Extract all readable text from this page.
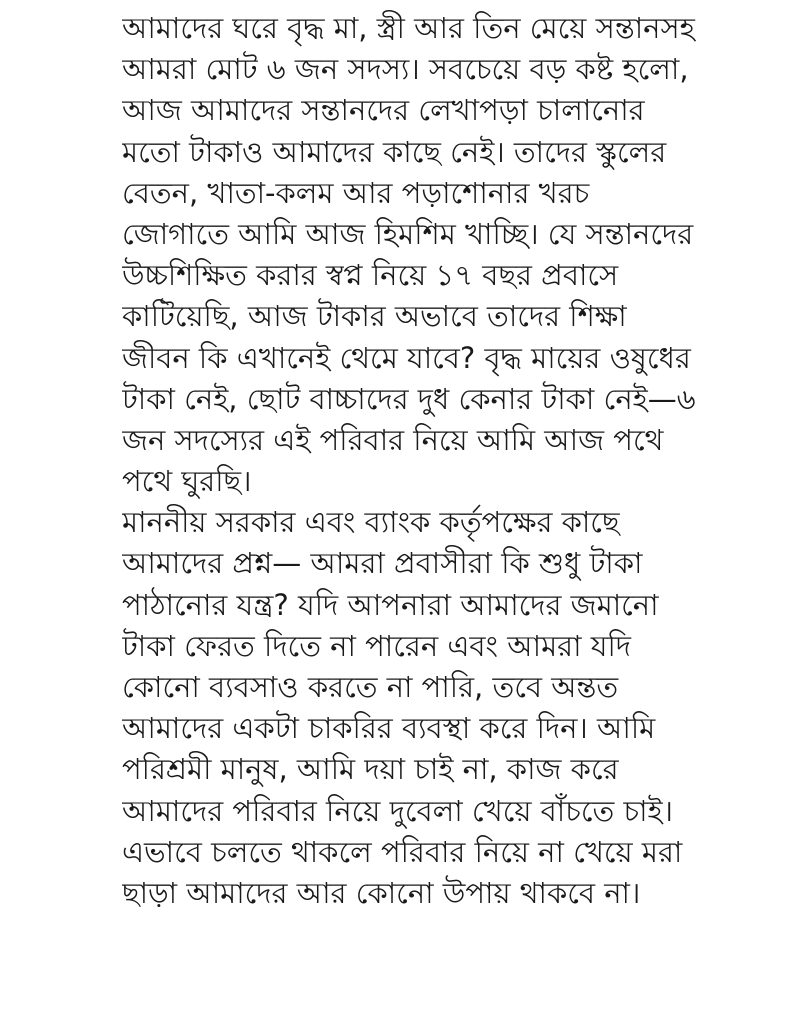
আমাদের ঘরে বৃদ্ধ মা, স্ত্রী আর তিন মেয়ে সন্তানসহ
আমরা মোট ৬ জন সদস্য। সবচেয়ে বড় কষ্ট হলো,
আজ আমাদের সন্তানদের লেখাপড়া চালানোর
মতো টাকাও আমাদের কাছে নেই। তাদের স্কুলের
বেতন, খাতা-কলম আর পড়াশোনার খরচ
জোগাতে আমি আজ হিমশিম খাচ্ছি। যে সন্তানদের
উচ্চশিক্ষিত করার স্বপ্ন নিয়ে ১৭ বছর প্রবাসে
কাটিয়েছি, আজ টাকার অভাবে তাদের শিক্ষা
জীবন কি এখানেই থেমে যাবে? বৃদ্ধ মায়ের ওষুধের
টাকা নেই, ছোট বাচ্চাদের দুধ কেনার টাকা নেই—৬
জন সদস্যের এই পরিবার নিয়ে আমি আজ পথে
পথে ঘুরছি।

মাননীয় সরকার এবং ব্যাংক কর্তৃপক্ষের কাছে
আমাদের প্রশ্ন— আমরা প্রবাসীরা কি শুধু টাকা
পাঠানোর যন্ত্র? যদি আপনারা আমাদের জমানো
টাকা ফেরত দিতে না পারেন এবং আমরা যদি
কোনো ব্যবসাও করতে না পারি, তবে অন্তত
আমাদের একটা চাকরির ব্যবস্থা করে দিন। আমি
পরিশ্রমী মানুষ, আমি দয়া চাই না, কাজ করে
আমাদের পরিবার নিয়ে দুবেলা খেয়ে বাঁচতে চাই।
এভাবে চলতে থাকলে পরিবার নিয়ে না খেয়ে মরা
ছাড়া আমাদের আর কোনো উপায় থাকবে না।
